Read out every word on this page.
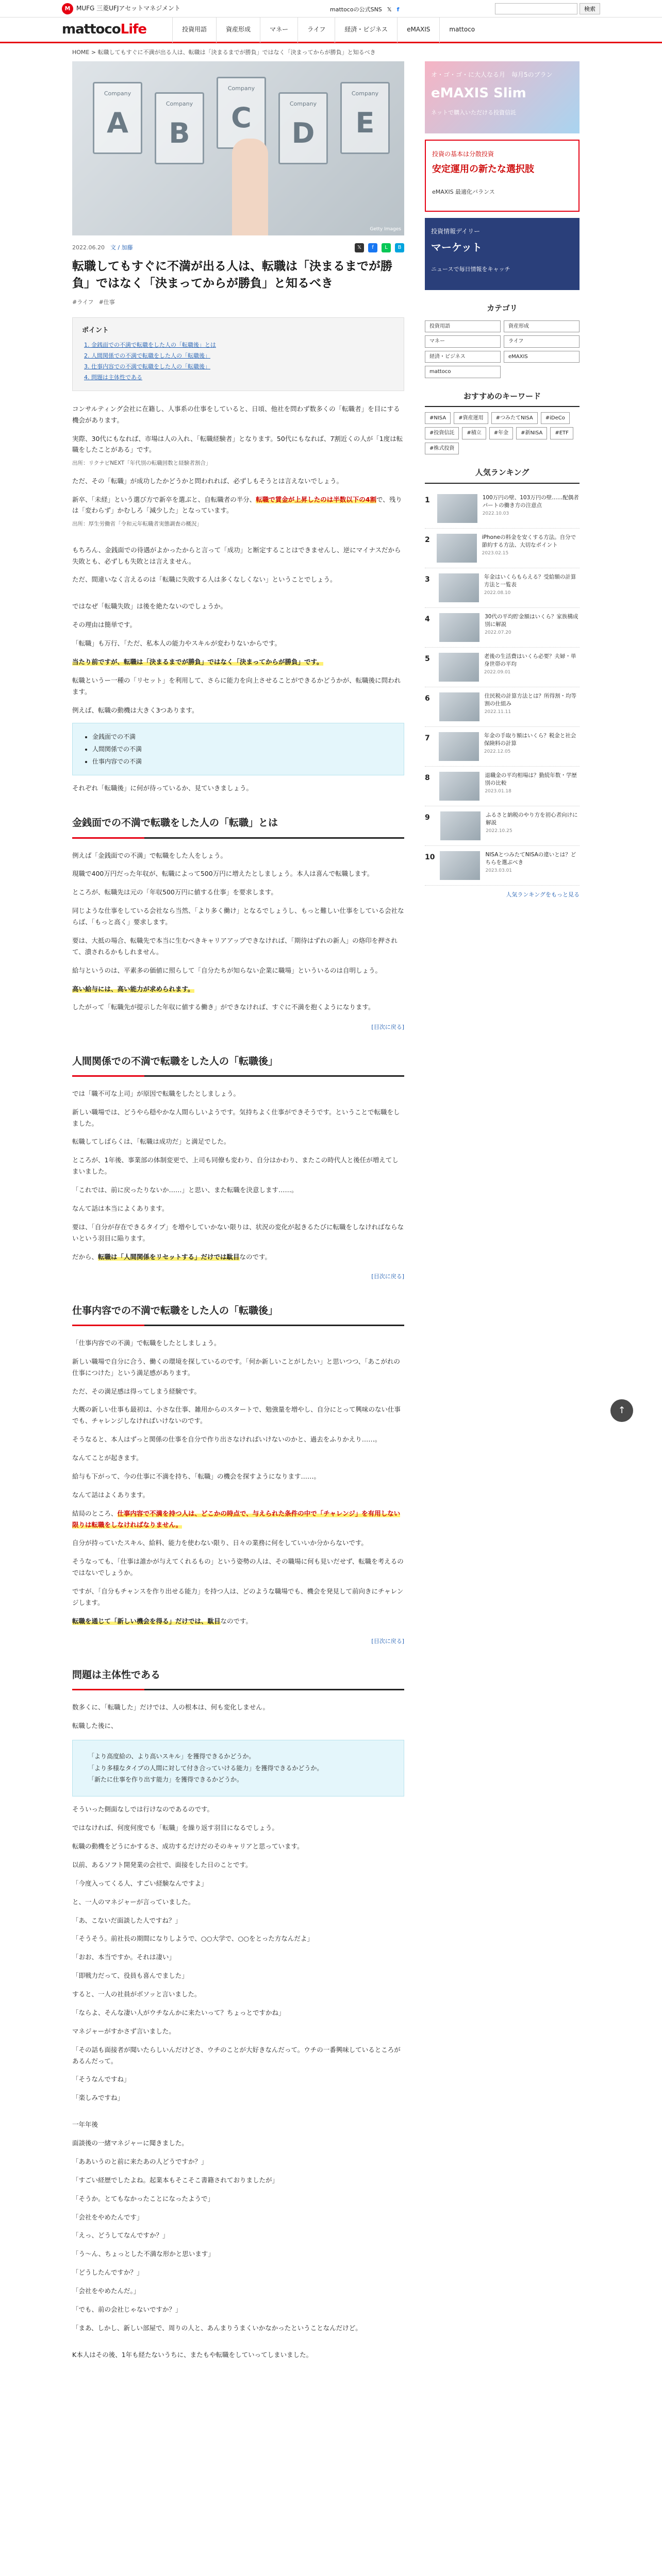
M MUFG 三菱UFJアセットマネジメント	mattocoの公式SNS 𝕏 f	検索
mattocoLife	投資用語	資産形成	マネー	ライフ	経済・ビジネス	eMAXIS	mattoco
HOME > 転職してもすぐに不満が出る人は、転職は「決まるまでが勝負」ではなく「決まってからが勝負」と知るべき
Company
A
Company
B
Company
C	Company
D
Company
E
Getty Images
2022.06.20　 文 / 加藤	𝕏	f	L	B
転職してもすぐに不満が出る人は、転職は「決まるまでが勝負」ではなく「決まってからが勝負」と知るべき
#ライフ #仕事
ポイント
1. 金銭面での不満で転職をした人の「転職後」とは
2. 人間関係での不満で転職をした人の「転職後」
3. 仕事内容での不満で転職をした人の「転職後」
4. 問題は主体性である

コンサルティング会社に在籍し、人事系の仕事をしていると、日頃、他社を問わず数多くの「転職者」を目にする機会があります。

実際、30代にもなれば、市場は人の入れ、「転職経験者」となります。50代にもなれば、7割近くの人が「1度は転職をしたことがある」です。

出所：リクナビNEXT「年代別の転職回数と経験者割合」

ただ、その「転職」が成功したかどうかと問われれば、必ずしもそうとは言えないでしょう。

新卒、「未経」という選び方で新卒を選ぶと、自転職者の半分、転職で賃金が上昇したのは半数以下の4割で、残りは「変わらず」かむしろ「減少した」となっています。

出所：厚生労働省「令和元年転職者実態調査の概況」

もちろん、金銭面での待遇がよかったからと言って「成功」と断定することはできませんし、逆にマイナスだから失敗とも、必ずしも失敗とは言えません。

ただ、間違いなく言えるのは「転職に失敗する人は多くなしくない」ということでしょう。

ではなぜ「転職失敗」は後を絶たないのでしょうか。

その理由は簡単です。

「転職」も万行、「ただ、私本人の能力やスキルが変わりないからです。

当たり前ですが、転職は「決まるまでが勝負」ではなく「決まってからが勝負」です。

転職というー一種の「リセット」を利用して、さらに能力を向上させることができるかどうかが、転職後に問われます。

例えば、転職の動機は大きく3つあります。

• 金銭面での不満
• 人間関係での不満
• 仕事内容での不満

それぞれ「転職後」に何が待っているか、見ていきましょう。

金銭面での不満で転職をした人の「転職」とは

例えば「金銭面での不満」で転職をした人をしょう。

現職で400万円だった年収が、転職によって500万円に増えたとしましょう。本人は喜んで転職します。

ところが、転職先は元の「年収500万円に値する仕事」を要求します。

同じような仕事をしている会社なら当然、「より多く働け」となるでしょうし、もっと難しい仕事をしている会社ならば、「もっと高く」要求します。

要は、大抵の場合、転職先で本当に生むべきキャリアアップできなければ、「期待はずれの新人」の烙印を押されて、潰されるかもしれません。

給与というのは、平素多の価値に照らして「自分たちが知らない企業に職場」といういるのは自明しょう。

高い給与には、高い能力が求められます。

したがって「転職先が提示した年収に値する働き」ができなければ、すぐに不満を抱くようになります。

[目次に戻る]
人間関係での不満で転職をした人の「転職後」

では「職不可な上司」が原因で転職をしたとしましょう。

新しい職場では、どうやら穏やかな人間らしいようです。気持ちよく仕事ができそうです。ということで転職をしました。

転職してしばらくは、「転職は成功だ」と満足でした。

ところが、1年後、事業部の体制変更で、上司も同僚も変わり、自分はかわり、またこの時代人と後任が増えてしまいました。

「これでは、前に戻ったりないか……」と思い、また転職を決意します……。

なんて話は本当によくあります。

要は、「自分が存在できるタイプ」を増やしていかない限りは、状況の変化が起きるたびに転職をしなければならないという羽目に陥ります。

だから、転職は「人間関係をリセットする」だけでは駄目なのです。

[目次に戻る]
仕事内容での不満で転職をした人の「転職後」

「仕事内容での不満」で転職をしたとしましょう。

新しい職場で自分に合う、働くの環境を探しているのです。「何か新しいことがしたい」と思いつつ、「あこがれの仕事につけた」という満足感があります。

ただ、その満足感は得ってしまう経験です。

大概の新しい仕事も最初は、小さな仕事、雑用からのスタートで、勉強量を増やし、自分にとって興味のない仕事でも、チャレンジしなければいけないのです。

そうなると、本人はずっと関係の仕事を自分で作り出さなければいけないのかと、過去をふりかえり……。

なんてことが起きます。

給与も下がって、今の仕事に不満を持ち、「転職」の機会を探すようになります……。

なんて話はよくあります。

結局のところ、仕事内容で不満を持つ人は、どこかの時点で、与えられた条件の中で「チャレンジ」を有用しない限りは転職をしなければなりません。

自分が持っていたスキル、給料、能力を使わない限り、日々の業務に何をしていいか分からないです。

そうなっても、「仕事は誰かが与えてくれるもの」という姿勢の人は、その職場に何も見いだせず、転職を考えるのではないでしょうか。

ですが、「自分もチャンスを作り出せる能力」を持つ人は、どのような職場でも、機会を発見して前向きにチャレンジします。

転職を通じて「新しい機会を得る」だけでは、駄目なのです。

[目次に戻る]
問題は主体性である

数多くに、「転職した」だけでは、人の根本は、何も変化しません。

転職した後に、

「より高度給の、より高いスキル」を獲得できるかどうか。
「より多様なタイプの人間に対して付き合っていける能力」を獲得できるかどうか。
「新たに仕事を作り出す能力」を獲得できるかどうか。

そういった側面なしでは行けなのであるのです。

ではなければ、何度何度でも「転職」を繰り返す羽目になるでしょう。

転職の動機をどうにかするさ、成功するだけだのそのキャリアと思っています。

以前、あるソフト開発業の会社で、面接をした日のことです。

「今度入ってくる人、すごい経験なんですよ」

と、一人のマネジャーが言っていました。

「あ、こないだ面談した人ですね？」

「そうそう。前社長の期間になりしようで、○○大学で、○○をとった方なんだよ」

「おお、本当ですか。それは凄い」

「即戦力だって、役員も喜んでました」

すると、一人の社員がボソッと言いました。

「ならよ、そんな凄い人がウチなんかに来たいって？ちょっとですかね」

マネジャーがすかさず言いました。

「その話も面接者が聞いたらしいんだけどさ、ウチのことが大好きなんだって。ウチの一番興味しているところがあるんだって。

「そうなんですね」

「楽しみですね」

一年年後

面談後の一緒マネジャーに聞きました。

「ああいうのと前に来たあの人どうですか？」

「すごい経歴でしたよね。起業本もそこそこ書籍されておりましたが」

「そうか。とてもなかったことになったようで」

「会社をやめたんです」

「えっ、どうしてなんですか？」

「う〜ん、ちょっとした不満な形かと思います」

「どうしたんですか？」

「会社をやめたんだ。」

「でも、前の会社じゃないですか？」

「まあ、しかし、新しい部屋で、周りの人と、あんまりうまくいかなかったということなんだけど。

K本人はその後、1年も経たないうちに、またもや転職をしていってしまいました。

オ・ゴ・ゴ・に大人なる月　毎月5のブラン
eMAXIS Slim
ネットで購入いただける投資信託
投資の基本は分散投資
安定運用の新たな選択肢
eMAXIS 最適化バランス
投資情報デイリー
マーケット
ニュースで毎日情報をキャッチ
カテゴリ
投資用語	資産形成
マネー	ライフ
経済・ビジネス	eMAXIS
mattoco
おすすめのキーワード
#NISA	#資産運用	#つみたてNISA	#iDeCo
#投資信託	#積立	#年金	#新NISA	#ETF
#株式投資
人気ランキング
1	100万円の壁、103万円の壁……配偶者パートの働き方の注意点
2022.10.03
2	iPhoneの料金を安くする方法。自分で節約する方法、大切なポイント
2023.02.15
3	年金はいくらもらえる？受給額の計算方法と一覧表
2022.08.10
4	30代の平均貯金額はいくら？家族構成別に解説
2022.07.20
5	老後の生活費はいくら必要？夫婦・単身世帯の平均
2022.09.01
6	住民税の計算方法とは？所得割・均等割の仕組み
2022.11.11
7	年金の手取り額はいくら？税金と社会保険料の計算
2022.12.05
8	退職金の平均相場は？勤続年数・学歴別の比較
2023.01.18
9	ふるさと納税のやり方を初心者向けに解説
2022.10.25
10	NISAとつみたてNISAの違いとは？どちらを選ぶべき
2023.03.01
人気ランキングをもっと見る
↑
